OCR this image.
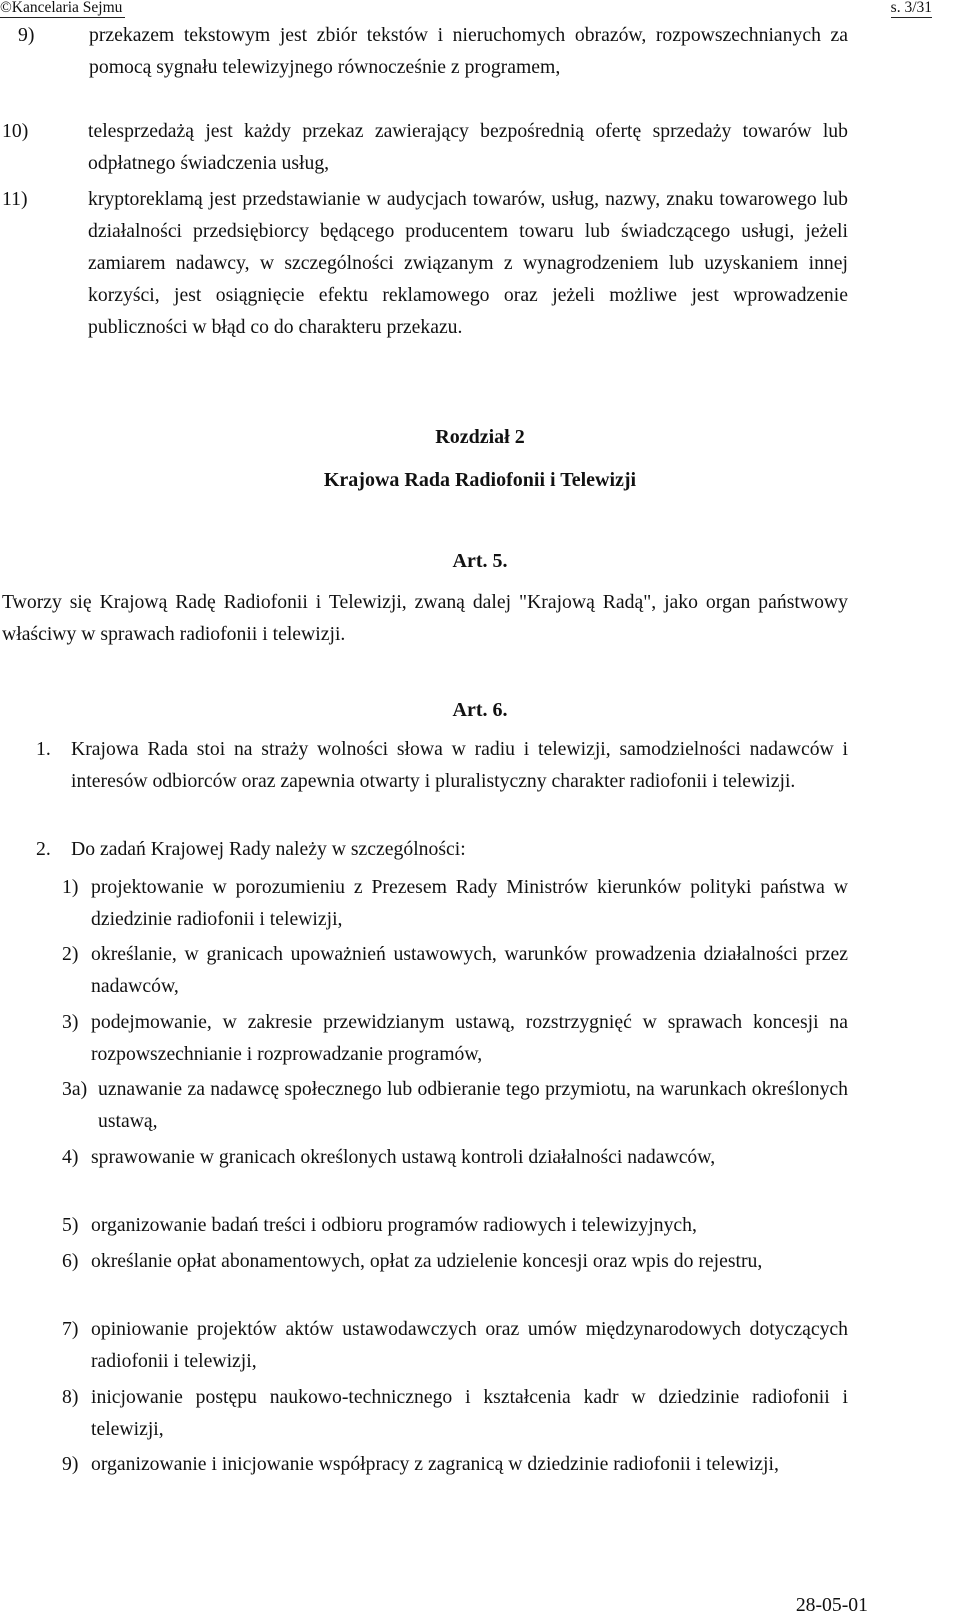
©Kancelaria Sejmu	s. 3/31
9)	przekazem tekstowym jest zbiór tekstów i nieruchomych obrazów, rozpowszechnianych za pomocą sygnału telewizyjnego równocześnie z programem,
10)	telesprzedażą jest każdy przekaz zawierający bezpośrednią ofertę sprzedaży towarów lub odpłatnego świadczenia usług,
11)	kryptoreklamą jest przedstawianie w audycjach towarów, usług, nazwy, znaku towarowego lub działalności przedsiębiorcy będącego producentem towaru lub świadczącego usługi, jeżeli zamiarem nadawcy, w szczególności związanym z wynagrodzeniem lub uzyskaniem innej korzyści, jest osiągnięcie efektu reklamowego oraz jeżeli możliwe jest wprowadzenie publiczności w błąd co do charakteru przekazu.
Rozdział 2
Krajowa Rada Radiofonii i Telewizji
Art. 5.
Tworzy się Krajową Radę Radiofonii i Telewizji, zwaną dalej "Krajową Radą", jako organ państwowy właściwy w sprawach radiofonii i telewizji.
Art. 6.
1.	Krajowa Rada stoi na straży wolności słowa w radiu i telewizji, samodzielności nadawców i interesów odbiorców oraz zapewnia otwarty i pluralistyczny charakter radiofonii i telewizji.
2.	Do zadań Krajowej Rady należy w szczególności:
1) projektowanie w porozumieniu z Prezesem Rady Ministrów kierunków polityki państwa w dziedzinie radiofonii i telewizji,
2) określanie, w granicach upoważnień ustawowych, warunków prowadzenia działalności przez nadawców,
3) podejmowanie, w zakresie przewidzianym ustawą, rozstrzygnięć w sprawach koncesji na rozpowszechnianie i rozprowadzanie programów,
3a) uznawanie za nadawcę społecznego lub odbieranie tego przymiotu, na warunkach określonych ustawą,
4) sprawowanie w granicach określonych ustawą kontroli działalności nadawców,
5) organizowanie badań treści i odbioru programów radiowych i telewizyjnych,
6) określanie opłat abonamentowych, opłat za udzielenie koncesji oraz wpis do rejestru,
7) opiniowanie projektów aktów ustawodawczych oraz umów międzynarodowych dotyczących radiofonii i telewizji,
8) inicjowanie postępu naukowo-technicznego i kształcenia kadr w dziedzinie radiofonii i telewizji,
9) organizowanie i inicjowanie współpracy z zagranicą w dziedzinie radiofonii i telewizji,
28-05-01
